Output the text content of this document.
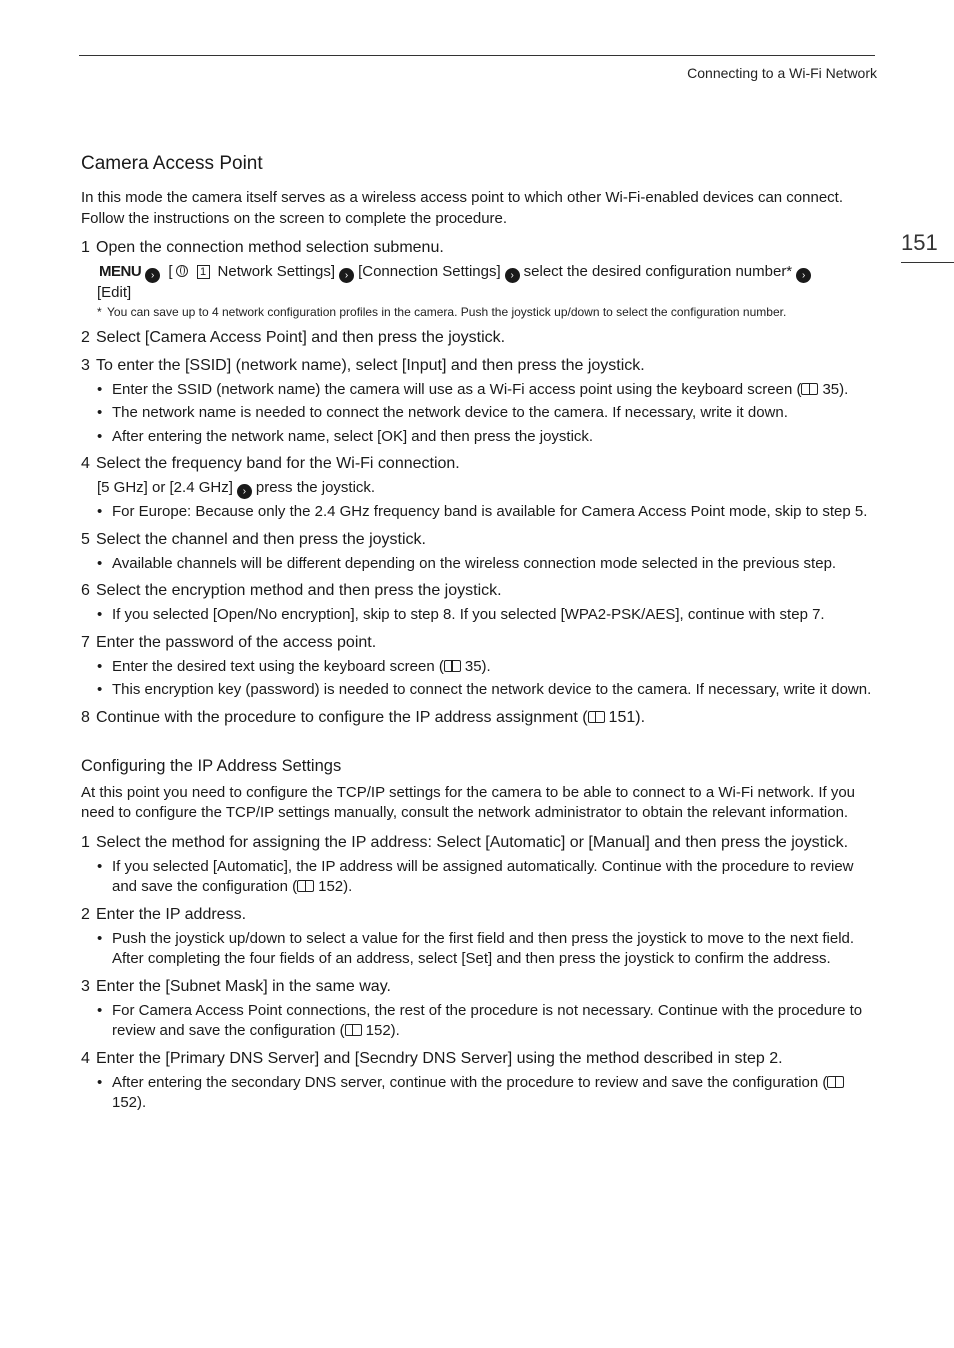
Connecting to a Wi-Fi Network
151
Camera Access Point

In this mode the camera itself serves as a wireless access point to which other Wi-Fi-enabled devices can connect. Follow the instructions on the screen to complete the procedure.

1 Open the connection method selection submenu.
MENU › [ 1 Network Settings] › [Connection Settings] › select the desired configuration number* ›
[Edit]
* You can save up to 4 network configuration profiles in the camera. Push the joystick up/down to select the configuration number.
2 Select [Camera Access Point] and then press the joystick.
3 To enter the [SSID] (network name), select [Input] and then press the joystick.
• Enter the SSID (network name) the camera will use as a Wi-Fi access point using the keyboard screen ( 35).
• The network name is needed to connect the network device to the camera. If necessary, write it down.
• After entering the network name, select [OK] and then press the joystick.
4 Select the frequency band for the Wi-Fi connection.
[5 GHz] or [2.4 GHz] › press the joystick.
• For Europe: Because only the 2.4 GHz frequency band is available for Camera Access Point mode, skip to step 5.
5 Select the channel and then press the joystick.
• Available channels will be different depending on the wireless connection mode selected in the previous step.
6 Select the encryption method and then press the joystick.
• If you selected [Open/No encryption], skip to step 8. If you selected [WPA2-PSK/AES], continue with step 7.
7 Enter the password of the access point.
• Enter the desired text using the keyboard screen ( 35).
• This encryption key (password) is needed to connect the network device to the camera. If necessary, write it down.
8 Continue with the procedure to configure the IP address assignment ( 151).
Configuring the IP Address Settings

At this point you need to configure the TCP/IP settings for the camera to be able to connect to a Wi-Fi network. If you need to configure the TCP/IP settings manually, consult the network administrator to obtain the relevant information.

1 Select the method for assigning the IP address: Select [Automatic] or [Manual] and then press the joystick.
• If you selected [Automatic], the IP address will be assigned automatically. Continue with the procedure to review and save the configuration ( 152).
2 Enter the IP address.
• Push the joystick up/down to select a value for the first field and then press the joystick to move to the next field. After completing the four fields of an address, select [Set] and then press the joystick to confirm the address.
3 Enter the [Subnet Mask] in the same way.
• For Camera Access Point connections, the rest of the procedure is not necessary. Continue with the procedure to review and save the configuration ( 152).
4 Enter the [Primary DNS Server] and [Secndry DNS Server] using the method described in step 2.
• After entering the secondary DNS server, continue with the procedure to review and save the configuration (152).
